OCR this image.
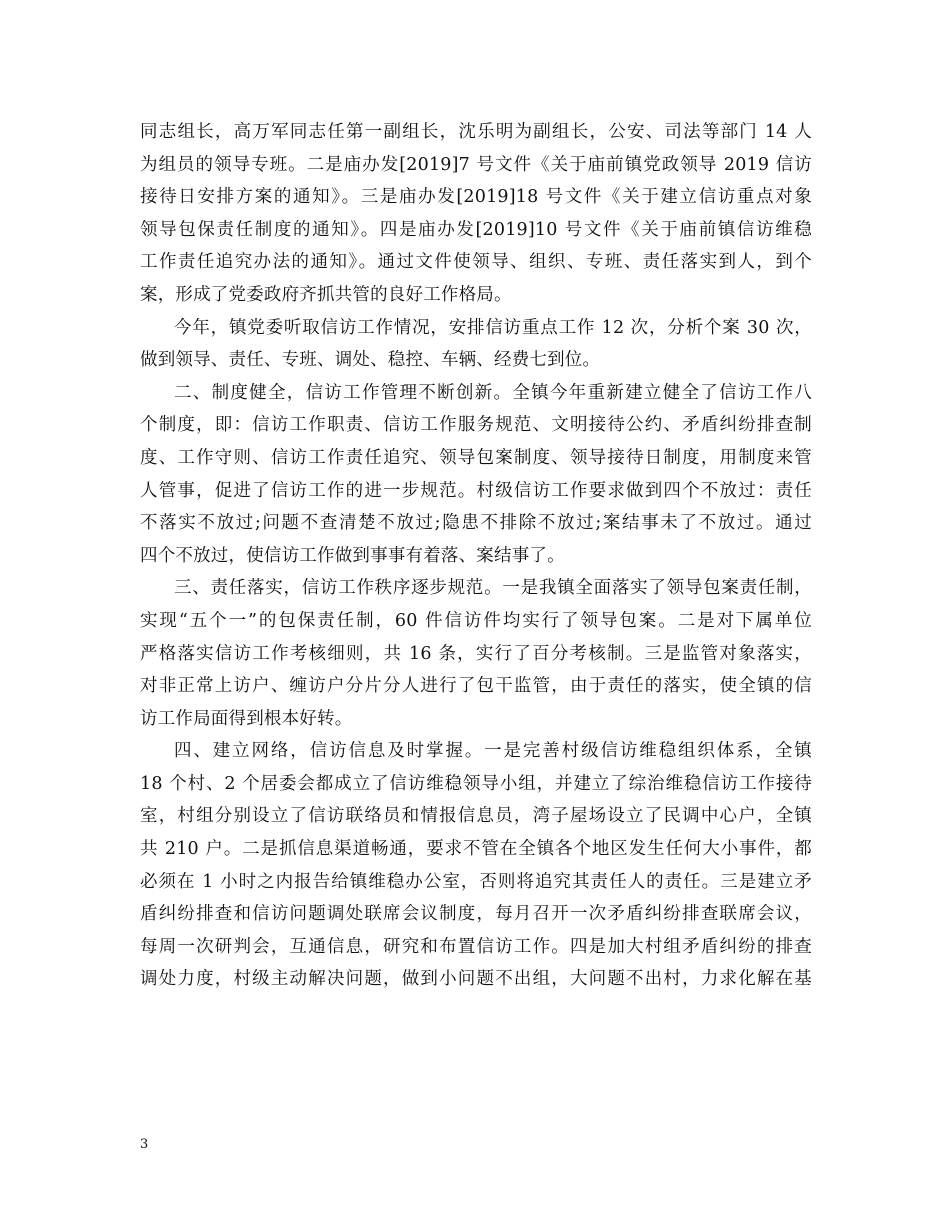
同志组长，高万军同志任第一副组长，沈乐明为副组长，公安、司法等部门 14 人
为组员的领导专班。二是庙办发[2019]7 号文件《关于庙前镇党政领导 2019 信访
接待日安排方案的通知》。三是庙办发[2019]18 号文件《关于建立信访重点对象
领导包保责任制度的通知》。四是庙办发[2019]10 号文件《关于庙前镇信访维稳
工作责任追究办法的通知》。通过文件使领导、组织、专班、责任落实到人，到个
案，形成了党委政府齐抓共管的良好工作格局。
今年，镇党委听取信访工作情况，安排信访重点工作 12 次，分析个案 30 次，
做到领导、责任、专班、调处、稳控、车辆、经费七到位。
二、制度健全，信访工作管理不断创新。全镇今年重新建立健全了信访工作八
个制度，即：信访工作职责、信访工作服务规范、文明接待公约、矛盾纠纷排查制
度、工作守则、信访工作责任追究、领导包案制度、领导接待日制度，用制度来管
人管事，促进了信访工作的进一步规范。村级信访工作要求做到四个不放过：责任
不落实不放过;问题不查清楚不放过;隐患不排除不放过;案结事未了不放过。通过
四个不放过，使信访工作做到事事有着落、案结事了。
三、责任落实，信访工作秩序逐步规范。一是我镇全面落实了领导包案责任制，
实现“五个一”的包保责任制，60 件信访件均实行了领导包案。二是对下属单位
严格落实信访工作考核细则，共 16 条，实行了百分考核制。三是监管对象落实，
对非正常上访户、缠访户分片分人进行了包干监管，由于责任的落实，使全镇的信
访工作局面得到根本好转。
四、建立网络，信访信息及时掌握。一是完善村级信访维稳组织体系，全镇
18 个村、2 个居委会都成立了信访维稳领导小组，并建立了综治维稳信访工作接待
室，村组分别设立了信访联络员和情报信息员，湾子屋场设立了民调中心户，全镇
共 210 户。二是抓信息渠道畅通，要求不管在全镇各个地区发生任何大小事件，都
必须在 1 小时之内报告给镇维稳办公室，否则将追究其责任人的责任。三是建立矛
盾纠纷排查和信访问题调处联席会议制度，每月召开一次矛盾纠纷排查联席会议，
每周一次研判会，互通信息，研究和布置信访工作。四是加大村组矛盾纠纷的排查
调处力度，村级主动解决问题，做到小问题不出组，大问题不出村，力求化解在基
3
